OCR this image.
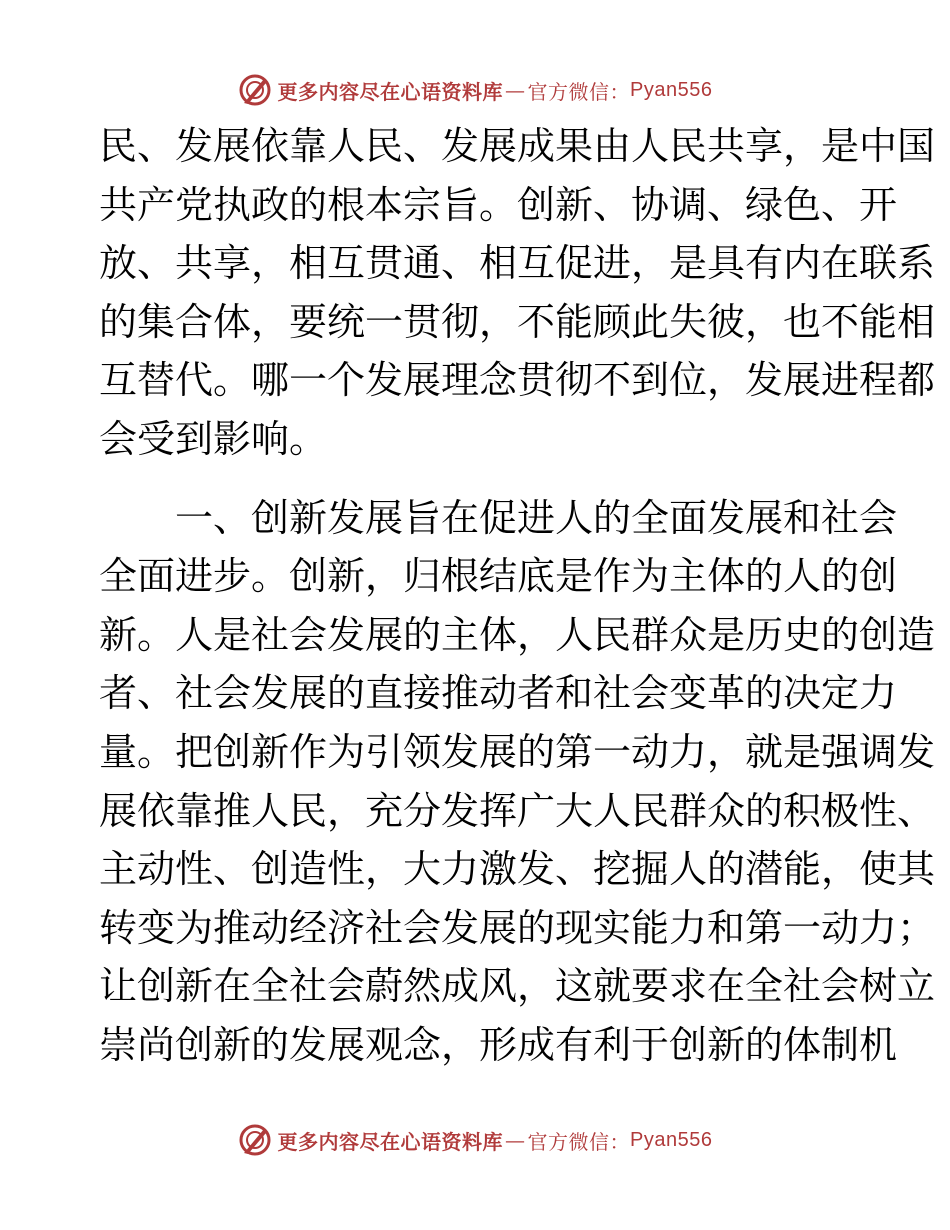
更多内容尽在心语资料库 — 官方微信： Pyan556
民、发展依靠人民、发展成果由人民共享，是中国
共产党执政的根本宗旨。创新、协调、绿色、开
放、共享，相互贯通、相互促进，是具有内在联系
的集合体，要统一贯彻，不能顾此失彼，也不能相
互替代。哪一个发展理念贯彻不到位，发展进程都
会受到影响。
一、创新发展旨在促进人的全面发展和社会
全面进步。创新，归根结底是作为主体的人的创
新。人是社会发展的主体，人民群众是历史的创造
者、社会发展的直接推动者和社会变革的决定力
量。把创新作为引领发展的第一动力，就是强调发
展依靠推人民，充分发挥广大人民群众的积极性、
主动性、创造性，大力激发、挖掘人的潜能，使其
转变为推动经济社会发展的现实能力和第一动力；
让创新在全社会蔚然成风，这就要求在全社会树立
崇尚创新的发展观念，形成有利于创新的体制机
更多内容尽在心语资料库 — 官方微信： Pyan556
